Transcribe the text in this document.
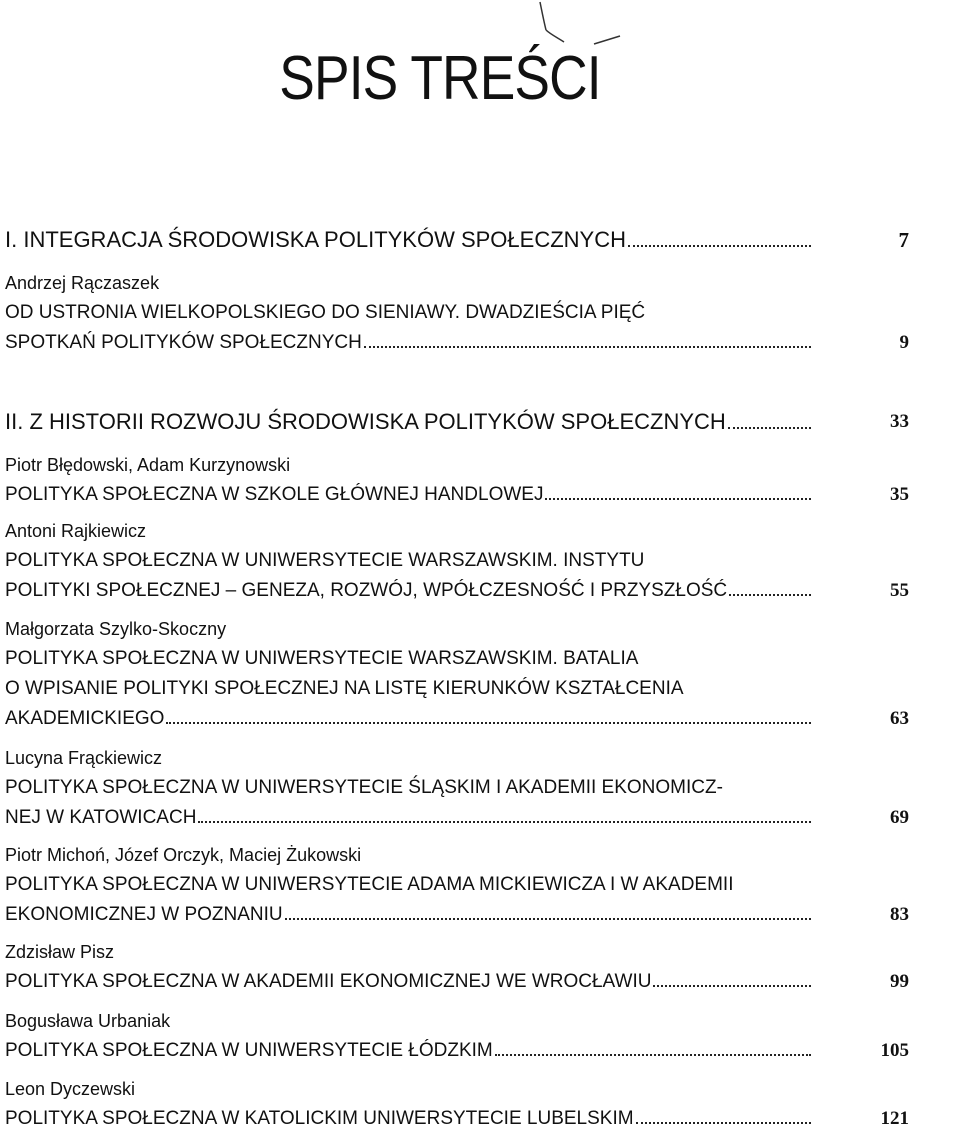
SPIS TREŚCI
I. INTEGRACJA ŚRODOWISKA POLITYKÓW SPOŁECZNYCH	7
Andrzej Rączaszek
OD USTRONIA WIELKOPOLSKIEGO DO SIENIAWY. DWADZIEŚCIA PIĘĆ
SPOTKAŃ POLITYKÓW SPOŁECZNYCH	9
II. Z HISTORII ROZWOJU ŚRODOWISKA POLITYKÓW SPOŁECZNYCH	33
Piotr Błędowski, Adam Kurzynowski
POLITYKA SPOŁECZNA W SZKOLE GŁÓWNEJ HANDLOWEJ	35
Antoni Rajkiewicz
POLITYKA SPOŁECZNA W UNIWERSYTECIE WARSZAWSKIM. INSTYTU
POLITYKI SPOŁECZNEJ – GENEZA, ROZWÓJ, WPÓŁCZESNOŚĆ I PRZYSZŁOŚĆ	55
Małgorzata Szylko-Skoczny
POLITYKA SPOŁECZNA W UNIWERSYTECIE WARSZAWSKIM. BATALIA
O WPISANIE POLITYKI SPOŁECZNEJ NA LISTĘ KIERUNKÓW KSZTAŁCENIA
AKADEMICKIEGO	63
Lucyna Frąckiewicz
POLITYKA SPOŁECZNA W UNIWERSYTECIE ŚLĄSKIM I AKADEMII EKONOMICZ-
NEJ W KATOWICACH	69
Piotr Michoń, Józef Orczyk, Maciej Żukowski
POLITYKA SPOŁECZNA W UNIWERSYTECIE ADAMA MICKIEWICZA I W AKADEMII
EKONOMICZNEJ W POZNANIU	83
Zdzisław Pisz
POLITYKA SPOŁECZNA W AKADEMII EKONOMICZNEJ WE WROCŁAWIU	99
Bogusława Urbaniak
POLITYKA SPOŁECZNA W UNIWERSYTECIE ŁÓDZKIM	105
Leon Dyczewski
POLITYKA SPOŁECZNA W KATOLICKIM UNIWERSYTECIE LUBELSKIM	121
